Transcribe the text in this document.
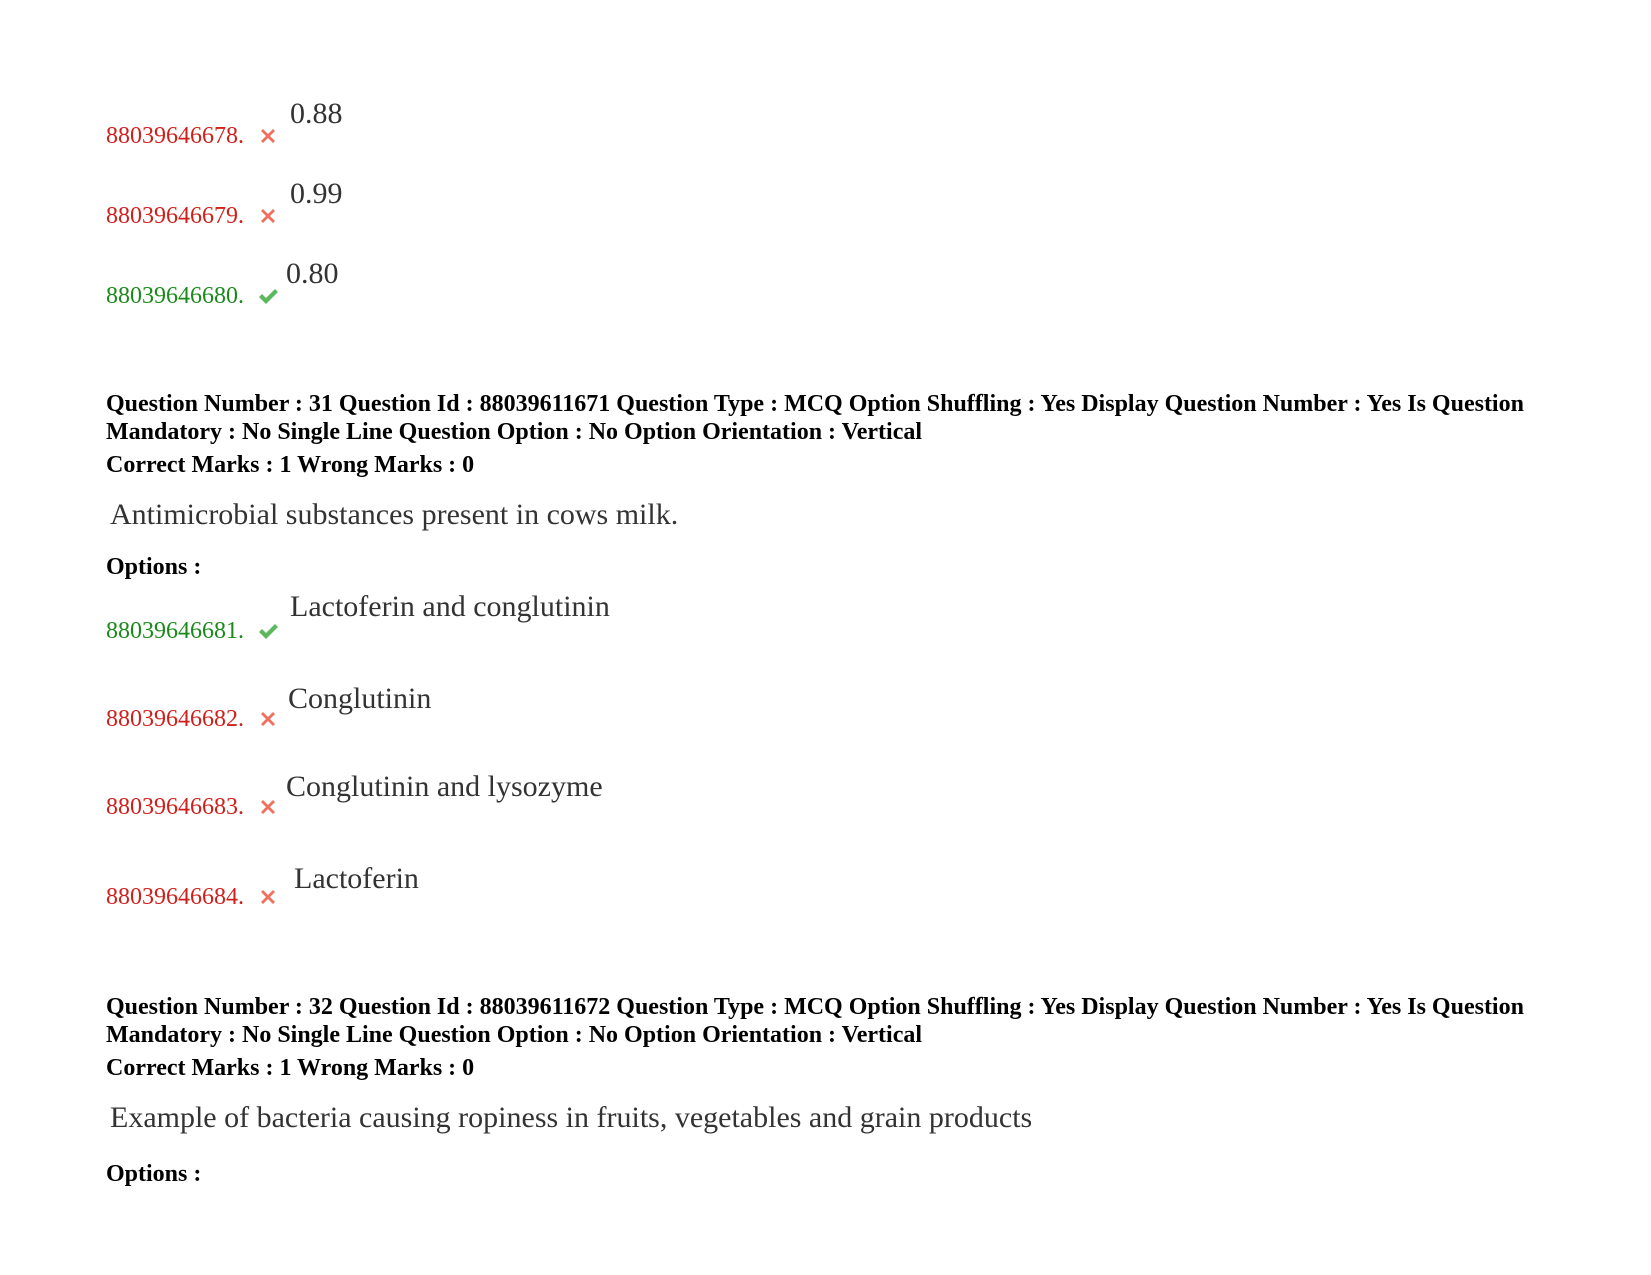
88039646678.
0.88
88039646679.
0.99
88039646680.
0.80
Question Number : 31 Question Id : 88039611671 Question Type : MCQ Option Shuffling : Yes Display Question Number : Yes Is Question Mandatory : No Single Line Question Option : No Option Orientation : Vertical
Correct Marks : 1 Wrong Marks : 0
Antimicrobial substances present in cows milk.
Options :
88039646681.
Lactoferin and conglutinin
88039646682.
Conglutinin
88039646683.
Conglutinin and lysozyme
88039646684.
Lactoferin
Question Number : 32 Question Id : 88039611672 Question Type : MCQ Option Shuffling : Yes Display Question Number : Yes Is Question Mandatory : No Single Line Question Option : No Option Orientation : Vertical
Correct Marks : 1 Wrong Marks : 0
Example of bacteria causing ropiness in fruits, vegetables and grain products
Options :
